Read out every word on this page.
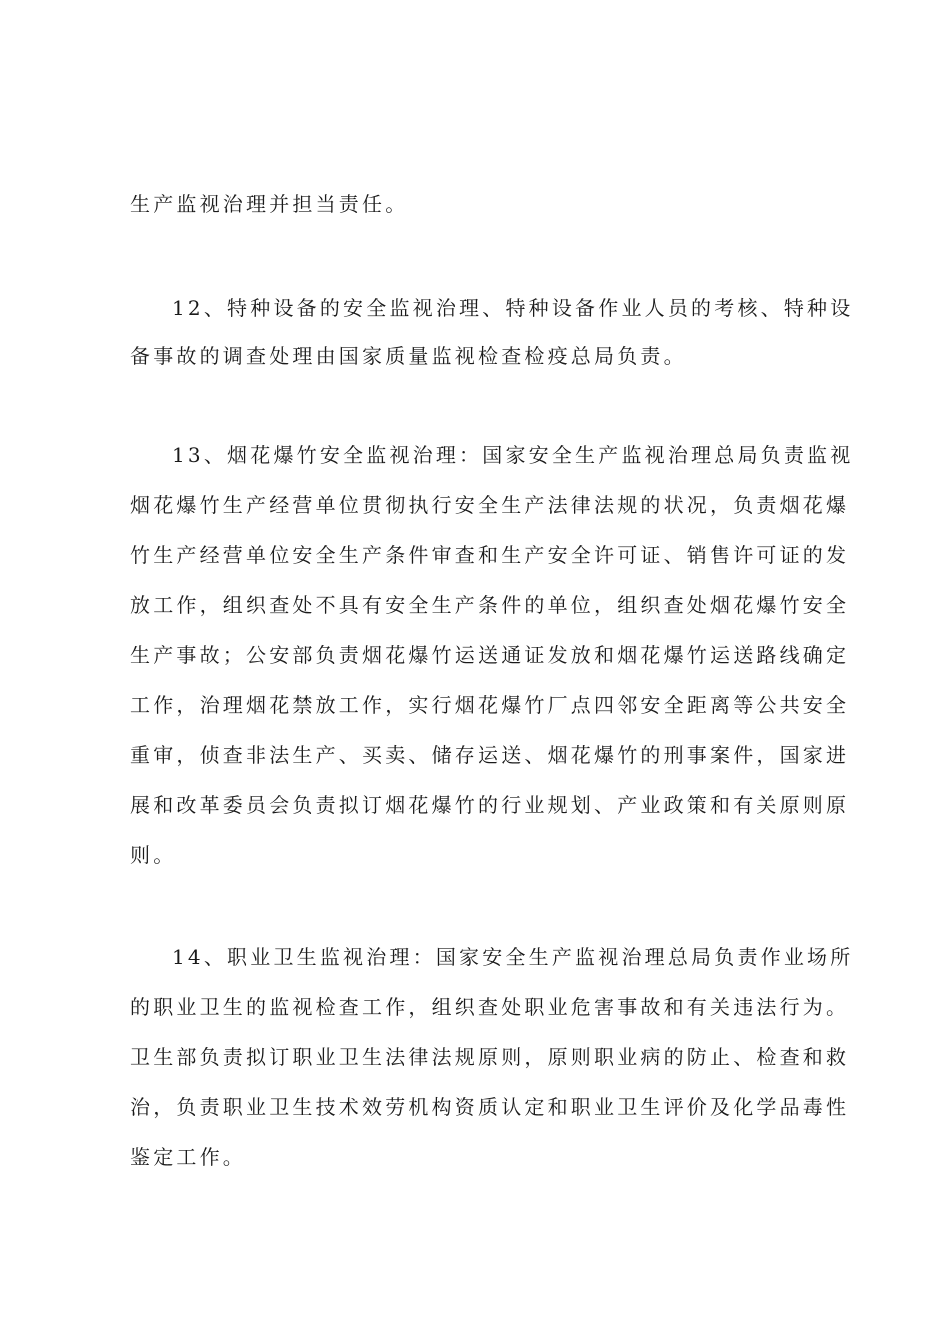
生产监视治理并担当责任。

12、特种设备的安全监视治理、特种设备作业人员的考核、特种设

备事故的调查处理由国家质量监视检查检疫总局负责。

13、烟花爆竹安全监视治理：国家安全生产监视治理总局负责监视

烟花爆竹生产经营单位贯彻执行安全生产法律法规的状况，负责烟花爆

竹生产经营单位安全生产条件审查和生产安全许可证、销售许可证的发

放工作，组织查处不具有安全生产条件的单位，组织查处烟花爆竹安全

生产事故；公安部负责烟花爆竹运送通证发放和烟花爆竹运送路线确定

工作，治理烟花禁放工作，实行烟花爆竹厂点四邻安全距离等公共安全

重审，侦查非法生产、买卖、储存运送、烟花爆竹的刑事案件，国家进

展和改革委员会负责拟订烟花爆竹的行业规划、产业政策和有关原则原

则。

14、职业卫生监视治理：国家安全生产监视治理总局负责作业场所

的职业卫生的监视检查工作，组织查处职业危害事故和有关违法行为。

卫生部负责拟订职业卫生法律法规原则，原则职业病的防止、检查和救

治，负责职业卫生技术效劳机构资质认定和职业卫生评价及化学品毒性

鉴定工作。
